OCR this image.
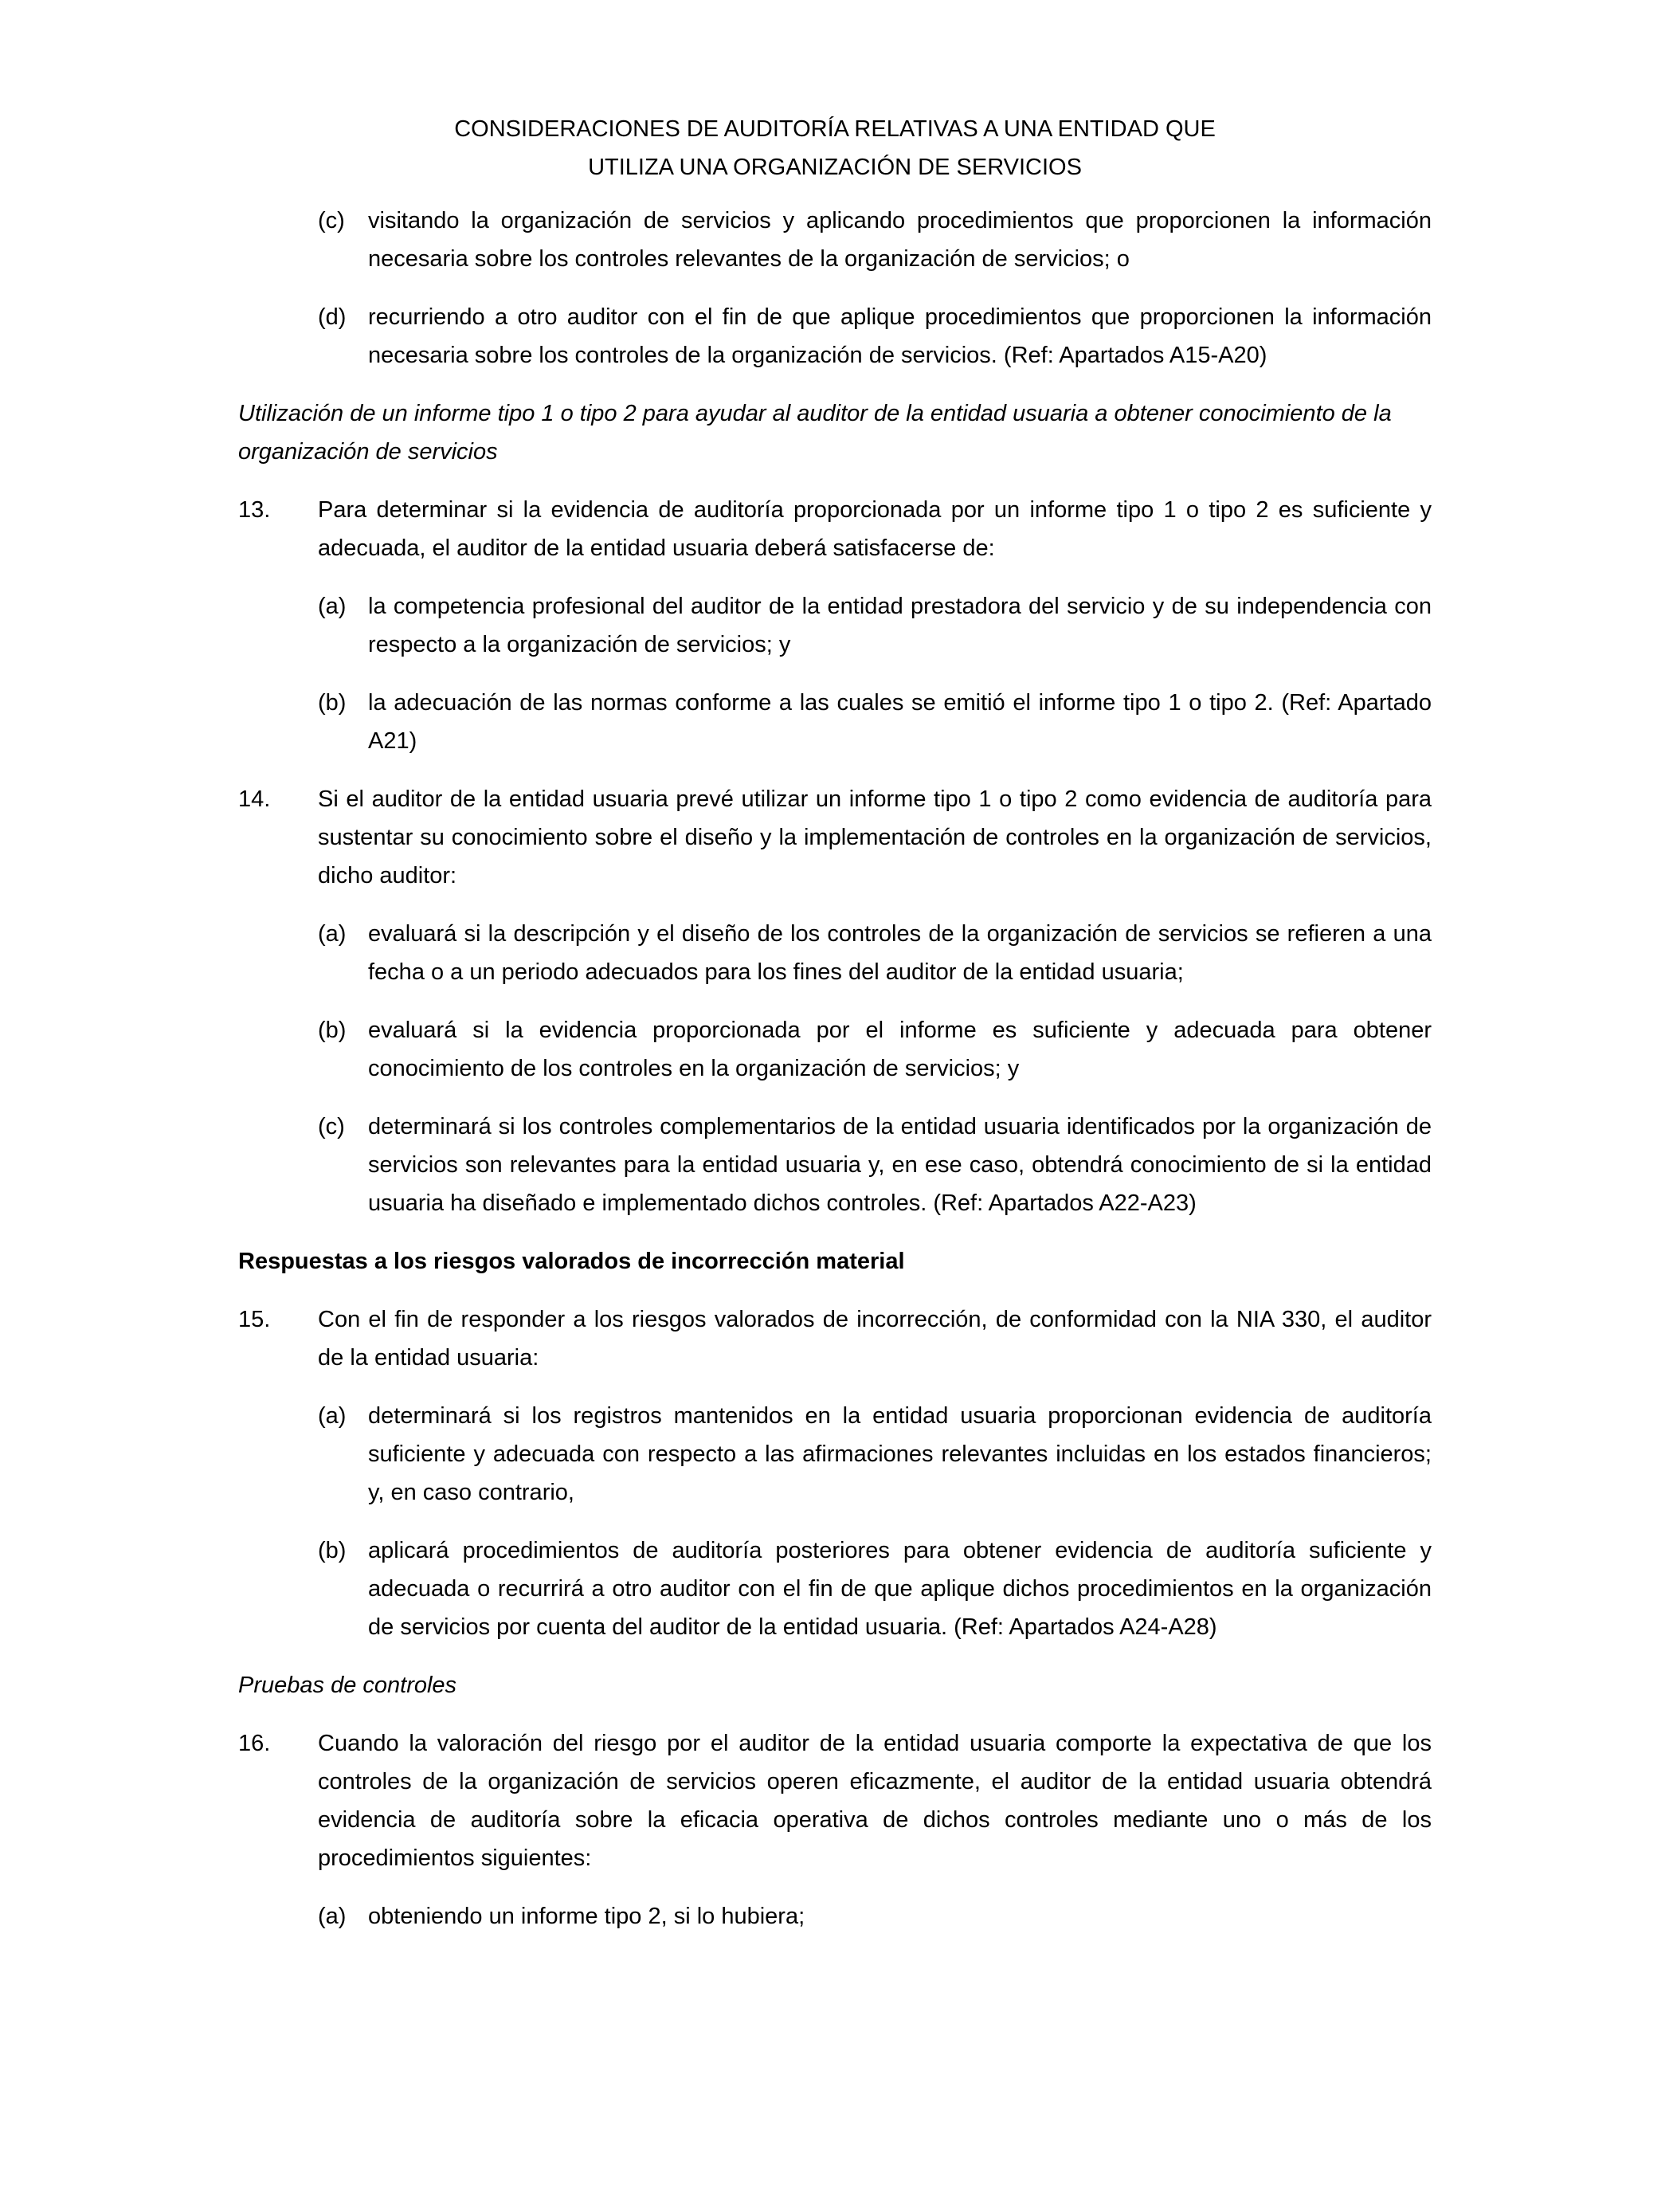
CONSIDERACIONES DE AUDITORÍA RELATIVAS A UNA ENTIDAD QUE
UTILIZA UNA ORGANIZACIÓN DE SERVICIOS
(c)	visitando la organización de servicios y aplicando procedimientos que proporcionen la información necesaria sobre los controles relevantes de la organización de servicios; o
(d) recurriendo a otro auditor con el fin de que aplique procedimientos que proporcionen la información necesaria sobre los controles de la organización de servicios. (Ref: Apartados A15-A20)
Utilización de un informe tipo 1 o tipo 2 para ayudar al auditor de la entidad usuaria a obtener conocimiento de la organización de servicios
13.	Para determinar si la evidencia de auditoría proporcionada por un informe tipo 1 o tipo 2 es suficiente y adecuada, el auditor de la entidad usuaria deberá satisfacerse de:
(a) la competencia profesional del auditor de la entidad prestadora del servicio y de su independencia con respecto a la organización de servicios; y
(b) la adecuación de las normas conforme a las cuales se emitió el informe tipo 1 o tipo 2. (Ref: Apartado A21)
14.	Si el auditor de la entidad usuaria prevé utilizar un informe tipo 1 o tipo 2 como evidencia de auditoría para sustentar su conocimiento sobre el diseño y la implementación de controles en la organización de servicios, dicho auditor:
(a) evaluará si la descripción y el diseño de los controles de la organización de servicios se refieren a una fecha o a un periodo adecuados para los fines del auditor de la entidad usuaria;
(b) evaluará si la evidencia proporcionada por el informe es suficiente y adecuada para obtener conocimiento de los controles en la organización de servicios; y
(c)	determinará si los controles complementarios de la entidad usuaria identificados por la organización de servicios son relevantes para la entidad usuaria y, en ese caso, obtendrá conocimiento de si la entidad usuaria ha diseñado e implementado dichos controles. (Ref: Apartados A22-A23)
Respuestas a los riesgos valorados de incorrección material
15.	Con el fin de responder a los riesgos valorados de incorrección, de conformidad con la NIA 330, el auditor de la entidad usuaria:
(a) determinará si los registros mantenidos en la entidad usuaria proporcionan evidencia de auditoría suficiente y adecuada con respecto a las afirmaciones relevantes incluidas en los estados financieros; y, en caso contrario,
(b) aplicará procedimientos de auditoría posteriores para obtener evidencia de auditoría suficiente y adecuada o recurrirá a otro auditor con el fin de que aplique dichos procedimientos en la organización de servicios por cuenta del auditor de la entidad usuaria. (Ref: Apartados A24-A28)
Pruebas de controles
16.	Cuando la valoración del riesgo por el auditor de la entidad usuaria comporte la expectativa de que los controles de la organización de servicios operen eficazmente, el auditor de la entidad usuaria obtendrá evidencia de auditoría sobre la eficacia operativa de dichos controles mediante uno o más de los procedimientos siguientes:
(a) obteniendo un informe tipo 2, si lo hubiera;
